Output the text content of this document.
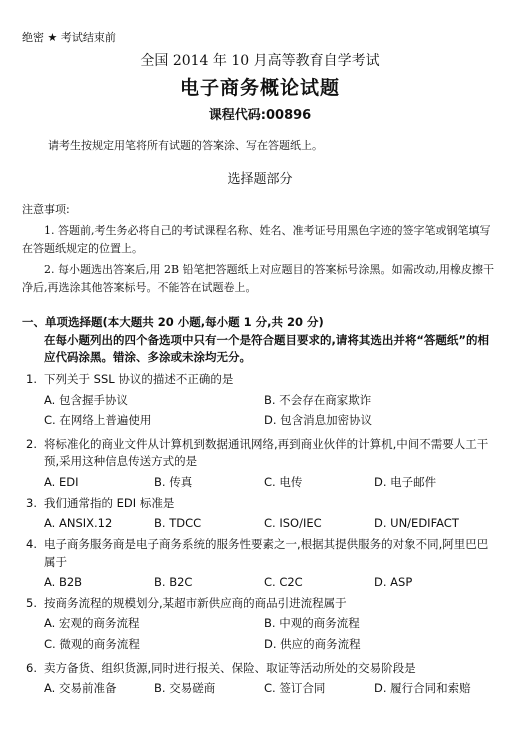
绝密 ★ 考试结束前
全国 2014 年 10 月高等教育自学考试
电子商务概论试题
课程代码:00896
请考生按规定用笔将所有试题的答案涂、写在答题纸上。
选择题部分
注意事项:
1. 答题前,考生务必将自己的考试课程名称、姓名、准考证号用黑色字迹的签字笔或钢笔填写在答题纸规定的位置上。
2. 每小题选出答案后,用 2B 铅笔把答题纸上对应题目的答案标号涂黑。如需改动,用橡皮擦干净后,再选涂其他答案标号。不能答在试题卷上。
一、单项选择题(本大题共 20 小题,每小题 1 分,共 20 分)
在每小题列出的四个备选项中只有一个是符合题目要求的,请将其选出并将“答题纸”的相应代码涂黑。错涂、多涂或未涂均无分。
1. 下列关于 SSL 协议的描述不正确的是
A. 包含握手协议	B. 不会存在商家欺诈
C. 在网络上普遍使用	D. 包含消息加密协议
2. 将标准化的商业文件从计算机到数据通讯网络,再到商业伙伴的计算机,中间不需要人工干预,采用这种信息传送方式的是
A. EDI	B. 传真	C. 电传	D. 电子邮件
3. 我们通常指的 EDI 标准是
A. ANSIX.12	B. TDCC	C. ISO/IEC	D. UN/EDIFACT
4. 电子商务服务商是电子商务系统的服务性要素之一,根据其提供服务的对象不同,阿里巴巴属于
A. B2B	B. B2C	C. C2C	D. ASP
5. 按商务流程的规模划分,某超市新供应商的商品引进流程属于
A. 宏观的商务流程	B. 中观的商务流程
C. 微观的商务流程	D. 供应的商务流程
6. 卖方备货、组织货源,同时进行报关、保险、取证等活动所处的交易阶段是
A. 交易前准备	B. 交易磋商	C. 签订合同	D. 履行合同和索赔
